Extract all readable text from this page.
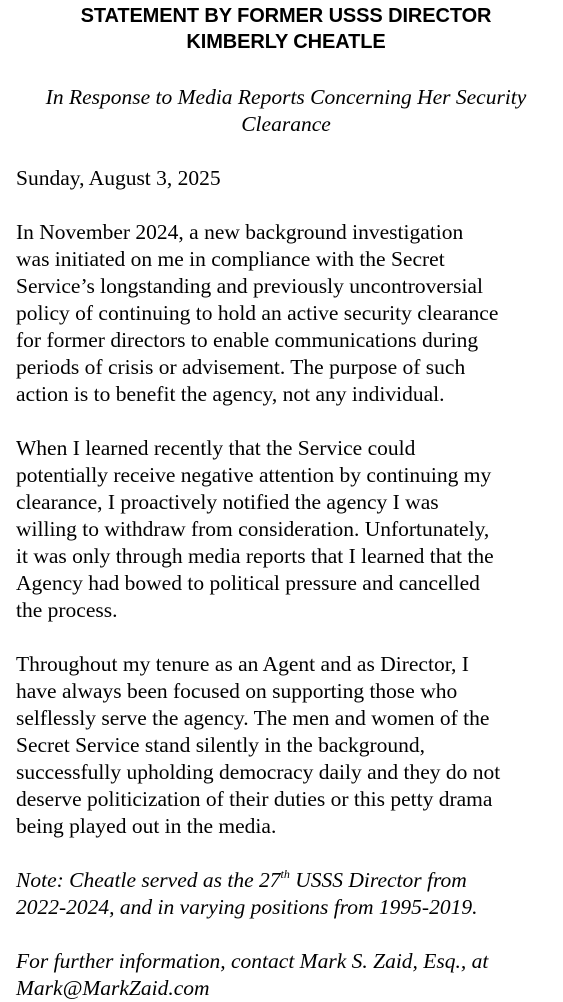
STATEMENT BY FORMER USSS DIRECTOR
KIMBERLY CHEATLE
In Response to Media Reports Concerning Her Security
Clearance
Sunday, August 3, 2025
In November 2024, a new background investigation
was initiated on me in compliance with the Secret
Service’s longstanding and previously uncontroversial
policy of continuing to hold an active security clearance
for former directors to enable communications during
periods of crisis or advisement. The purpose of such
action is to benefit the agency, not any individual.
When I learned recently that the Service could
potentially receive negative attention by continuing my
clearance, I proactively notified the agency I was
willing to withdraw from consideration. Unfortunately,
it was only through media reports that I learned that the
Agency had bowed to political pressure and cancelled
the process.
Throughout my tenure as an Agent and as Director, I
have always been focused on supporting those who
selflessly serve the agency. The men and women of the
Secret Service stand silently in the background,
successfully upholding democracy daily and they do not
deserve politicization of their duties or this petty drama
being played out in the media.
Note: Cheatle served as the 27th USSS Director from
2022-2024, and in varying positions from 1995-2019.
For further information, contact Mark S. Zaid, Esq., at
Mark@MarkZaid.com
